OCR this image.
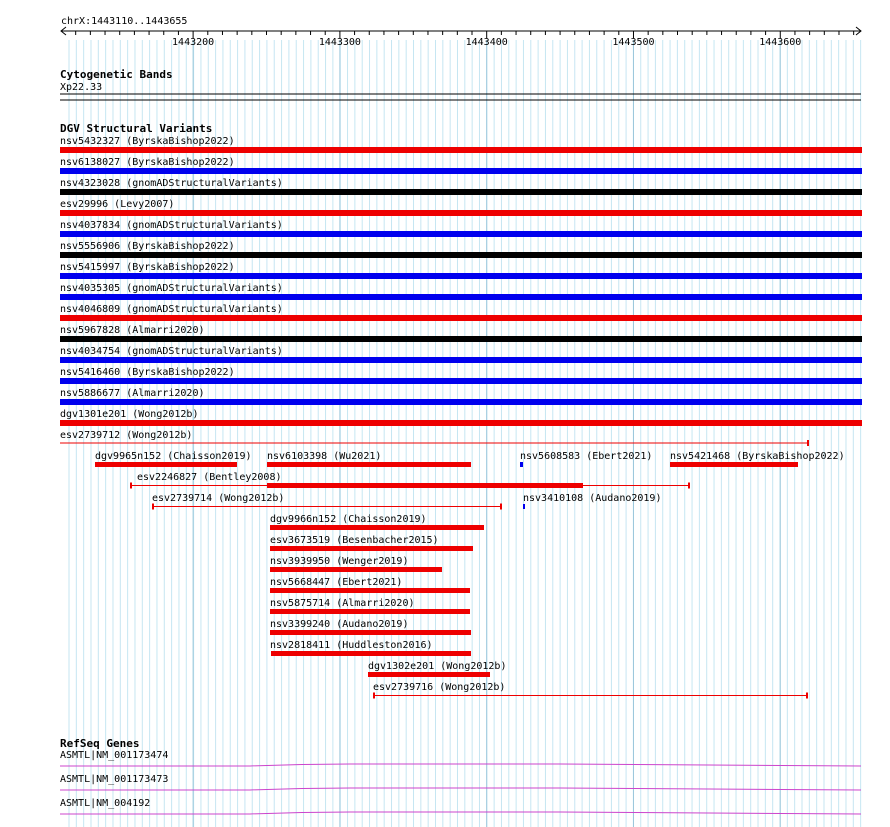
chrX:1443110..1443655
1443200	1443300	1443400	1443500	1443600
Cytogenetic Bands
Xp22.33
DGV Structural Variants
nsv5432327 (ByrskaBishop2022)
nsv6138027 (ByrskaBishop2022)
nsv4323028 (gnomADStructuralVariants)
esv29996 (Levy2007)
nsv4037834 (gnomADStructuralVariants)
nsv5556906 (ByrskaBishop2022)
nsv5415997 (ByrskaBishop2022)
nsv4035305 (gnomADStructuralVariants)
nsv4046809 (gnomADStructuralVariants)
nsv5967828 (Almarri2020)
nsv4034754 (gnomADStructuralVariants)
nsv5416460 (ByrskaBishop2022)
nsv5886677 (Almarri2020)
dgv1301e201 (Wong2012b)
esv2739712 (Wong2012b)
dgv9965n152 (Chaisson2019) nsv6103398 (Wu2021)	nsv5608583 (Ebert2021) nsv5421468 (ByrskaBishop2022)
esv2246827 (Bentley2008)
esv2739714 (Wong2012b)	nsv3410108 (Audano2019)
dgv9966n152 (Chaisson2019)
esv3673519 (Besenbacher2015)
nsv3939950 (Wenger2019)
nsv5668447 (Ebert2021)
nsv5875714 (Almarri2020)
nsv3399240 (Audano2019)
nsv2818411 (Huddleston2016)
dgv1302e201 (Wong2012b)
esv2739716 (Wong2012b)
RefSeq Genes
ASMTL|NM_001173474
ASMTL|NM_001173473
ASMTL|NM_004192
